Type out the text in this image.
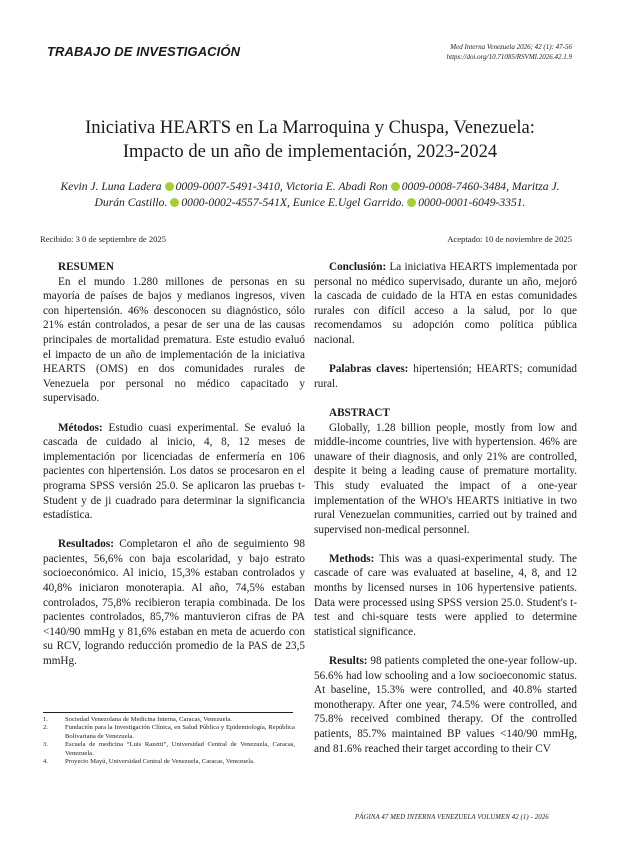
TRABAJO DE INVESTIGACIÓN	Med Interna Venezuela 2026; 42 (1): 47-56
https://doi.org/10.71085/RSVMI.2026.42.1.9
Iniciativa HEARTS en La Marroquina y Chuspa, Venezuela:
Impacto de un año de implementación, 2023-2024
Kevin J. Luna Ladera 0009-0007-5491-3410, Victoria E. Abadi Ron 0009-0008-7460-3484, Maritza J. Durán Castillo. 0000-0002-4557-541X, Eunice E.Ugel Garrido. 0000-0001-6049-3351.
Recibido: 3 0 de septiembre de 2025	Aceptado: 10 de noviembre de 2025

RESUMEN

En el mundo 1.280 millones de personas en su mayoría de países de bajos y medianos ingresos, viven con hipertensión. 46% desconocen su diagnóstico, sólo 21% están controlados, a pesar de ser una de las causas principales de mortalidad prematura. Este estudio evaluó el impacto de un año de implementación de la iniciativa HEARTS (OMS) en dos comunidades rurales de Venezuela por personal no médico capacitado y supervisado.

Métodos: Estudio cuasi experimental. Se evaluó la cascada de cuidado al inicio, 4, 8, 12 meses de implementación por licenciadas de enfermería en 106 pacientes con hipertensión. Los datos se procesaron en el programa SPSS versión 25.0. Se aplicaron las pruebas t-Student y de ji cuadrado para determinar la significancia estadística.

Resultados: Completaron el año de seguimiento 98 pacientes, 56,6% con baja escolaridad, y bajo estrato socioeconómico. Al inicio, 15,3% estaban controlados y 40,8% iniciaron monoterapia. Al año, 74,5% estaban controlados, 75,8% recibieron terapia combinada. De los pacientes controlados, 85,7% mantuvieron cifras de PA <140/90 mmHg y 81,6% estaban en meta de acuerdo con su RCV, logrando reducción promedio de la PAS de 23,5 mmHg.

Conclusión: La iniciativa HEARTS implementada por personal no médico supervisado, durante un año, mejoró la cascada de cuidado de la HTA en estas comunidades rurales con difícil acceso a la salud, por lo que recomendamos su adopción como política pública nacional.

Palabras claves: hipertensión; HEARTS; comunidad rural.

ABSTRACT

Globally, 1.28 billion people, mostly from low and middle-income countries, live with hypertension. 46% are unaware of their diagnosis, and only 21% are controlled, despite it being a leading cause of premature mortality. This study evaluated the impact of a one-year implementation of the WHO's HEARTS initiative in two rural Venezuelan communities, carried out by trained and supervised non-medical personnel.

Methods: This was a quasi-experimental study. The cascade of care was evaluated at baseline, 4, 8, and 12 months by licensed nurses in 106 hypertensive patients. Data were processed using SPSS version 25.0. Student's t-test and chi-square tests were applied to determine statistical significance.

Results: 98 patients completed the one-year follow-up. 56.6% had low schooling and a low socioeconomic status. At baseline, 15.3% were controlled, and 40.8% started monotherapy. After one year, 74.5% were controlled, and 75.8% received combined therapy. Of the controlled patients, 85.7% maintained BP values <140/90 mmHg, and 81.6% reached their target according to their CV

1.	Sociedad Venezolana de Medicina Interna, Caracas, Venezuela.
2.	Fundación para la Investigación Clínica, en Salud Pública y Epidemiología, República Bolivariana de Venezuela.
3.	Escuela de medicina “Luis Razetti”, Universidad Central de Venezuela, Caracas, Venezuela.
4.	Proyecto Mayú, Universidad Central de Venezuela, Caracas, Venezuela.
PÁGINA 47 MED INTERNA VENEZUELA VOLUMEN 42 (1) - 2026
